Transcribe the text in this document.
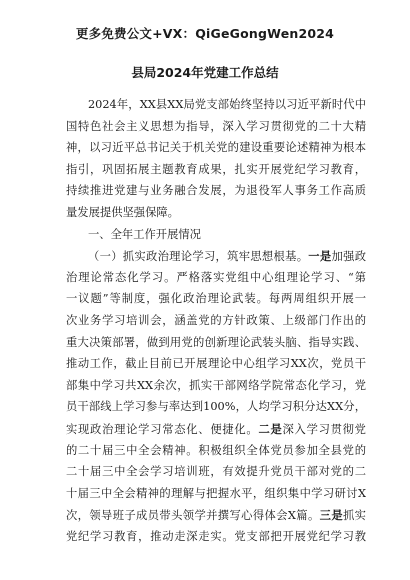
更多免费公文+VX：QiGeGongWen2024
县局2024年党建工作总结
2024年，XX县XX局党支部始终坚持以习近平新时代中
国特色社会主义思想为指导，深入学习贯彻党的二十大精
神，以习近平总书记关于机关党的建设重要论述精神为根本
指引，巩固拓展主题教育成果，扎实开展党纪学习教育，
持续推进党建与业务融合发展，为退役军人事务工作高质
量发展提供坚强保障。
一、全年工作开展情况
（一）抓实政治理论学习，筑牢思想根基。一是加强政
治理论常态化学习。严格落实党组中心组理论学习、“第
一议题”等制度，强化政治理论武装。每两周组织开展一
次业务学习培训会，涵盖党的方针政策、上级部门作出的
重大决策部署，做到用党的创新理论武装头脑、指导实践、
推动工作，截止目前已开展理论中心组学习XX次，党员干
部集中学习共XX余次，抓实干部网络学院常态化学习，党
员干部线上学习参与率达到100%，人均学习积分达XX分，
实现政治理论学习常态化、便捷化。二是深入学习贯彻党
的二十届三中全会精神。积极组织全体党员参加全县党的
二十届三中全会学习培训班，有效提升党员干部对党的二
十届三中全会精神的理解与把握水平，组织集中学习研讨X
次，领导班子成员带头领学并撰写心得体会X篇。三是抓实
党纪学习教育，推动走深走实。党支部把开展党纪学习教
